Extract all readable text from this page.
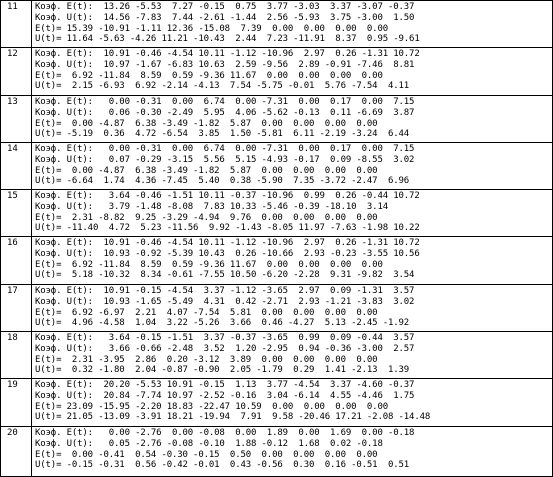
11 Коэф. E(t):  13.26 -5.53  7.27 -0.15  0.75  3.77 -3.03  3.37 -3.07 -0.37
Коэф. U(t):  14.56 -7.83  7.44 -2.61 -1.44  2.56 -5.93  3.75 -3.00  1.50
E(t)= 15.39 -10.91 -1.11 12.36 -15.08  7.39  0.00  0.00  0.00  0.00
U(t)= 11.64 -5.63 -4.26 11.21 -10.43  2.44  7.23 -11.91  8.37  0.95 -9.61
12 Коэф. E(t):  10.91 -0.46 -4.54 10.11 -1.12 -10.96  2.97  0.26 -1.31 10.72
Коэф. U(t):  10.97 -1.67 -6.83 10.63  2.59 -9.56  2.89 -0.91 -7.46  8.81
E(t)=  6.92 -11.84  8.59  0.59 -9.36 11.67  0.00  0.00  0.00  0.00
U(t)=  2.15 -6.93  6.92 -2.14 -4.13  7.54 -5.75 -0.01  5.76 -7.54  4.11
13 Коэф. E(t):   0.00 -0.31  0.00  6.74  0.00 -7.31  0.00  0.17  0.00  7.15
Коэф. U(t):   0.06 -0.30 -2.49  5.95  4.06 -5.62 -0.13  0.11 -6.69  3.87
E(t)=  0.00 -4.87  6.38 -3.49 -1.82  5.87  0.00  0.00  0.00  0.00
U(t)= -5.19  0.36  4.72 -6.54  3.85  1.50 -5.81  6.11 -2.19 -3.24  6.44
14 Коэф. E(t):   0.00 -0.31  0.00  6.74  0.00 -7.31  0.00  0.17  0.00  7.15
Коэф. U(t):   0.07 -0.29 -3.15  5.56  5.15 -4.93 -0.17  0.09 -8.55  3.02
E(t)=  0.00 -4.87  6.38 -3.49 -1.82  5.87  0.00  0.00  0.00  0.00
U(t)= -6.64  1.74  4.36 -7.45  5.40  0.38 -5.90  7.35 -3.72 -2.47  6.96
15 Коэф. E(t):   3.64 -0.46 -1.51 10.11 -0.37 -10.96  0.99  0.26 -0.44 10.72
Коэф. U(t):   3.79 -1.48 -8.08  7.83 10.33 -5.46 -0.39 -18.10  3.14
E(t)=  2.31 -8.82  9.25 -3.29 -4.94  9.76  0.00  0.00  0.00  0.00
U(t)= -11.40  4.72  5.23 -11.56  9.92 -1.43 -8.05 11.97 -7.63 -1.98 10.22
16 Коэф. E(t):  10.91 -0.46 -4.54 10.11 -1.12 -10.96  2.97  0.26 -1.31 10.72
Коэф. U(t):  10.93 -0.92 -5.39 10.43  0.26 -10.66  2.93 -0.23 -3.55 10.56
E(t)=  6.92 -11.84  8.59  0.59 -9.36 11.67  0.00  0.00  0.00  0.00
U(t)=  5.18 -10.32  8.34 -0.61 -7.55 10.50 -6.20 -2.28  9.31 -9.82  3.54
17 Коэф. E(t):  10.91 -0.15 -4.54  3.37 -1.12 -3.65  2.97  0.09 -1.31  3.57
Коэф. U(t):  10.93 -1.65 -5.49  4.31  0.42 -2.71  2.93 -1.21 -3.83  3.02
E(t)=  6.92 -6.97  2.21  4.07 -7.54  5.81  0.00  0.00  0.00  0.00
U(t)=  4.96 -4.58  1.04  3.22 -5.26  3.66  0.46 -4.27  5.13 -2.45 -1.92
18 Коэф. E(t):   3.64 -0.15 -1.51  3.37 -0.37 -3.65  0.99  0.09 -0.44  3.57
Коэф. U(t):   3.66 -0.66 -2.48  3.52  1.20 -2.95  0.94 -0.36 -3.00  2.57
E(t)=  2.31 -3.95  2.86  0.20 -3.12  3.89  0.00  0.00  0.00  0.00
U(t)=  0.32 -1.80  2.04 -0.87 -0.90  2.05 -1.79  0.29  1.41 -2.13  1.39
19 Коэф. E(t):  20.20 -5.53 10.91 -0.15  1.13  3.77 -4.54  3.37 -4.60 -0.37
Коэф. U(t):  20.84 -7.74 10.97 -2.52 -0.16  3.04 -6.14  4.55 -4.46  1.75
E(t)= 23.09 -15.95 -2.20 18.83 -22.47 10.59  0.00  0.00  0.00  0.00
U(t)= 21.05 -13.09 -3.91 18.21 -19.94  7.91  9.58 -20.46 17.21 -2.08 -14.48
20 Коэф. E(t):   0.00 -2.76  0.00 -0.08  0.00  1.89  0.00  1.69  0.00 -0.18
Коэф. U(t):   0.05 -2.76 -0.08 -0.10  1.88 -0.12  1.68  0.02 -0.18
E(t)=  0.00 -0.41  0.54 -0.30 -0.15  0.50  0.00  0.00  0.00  0.00
U(t)= -0.15 -0.31  0.56 -0.42 -0.01  0.43 -0.56  0.30  0.16 -0.51  0.51
